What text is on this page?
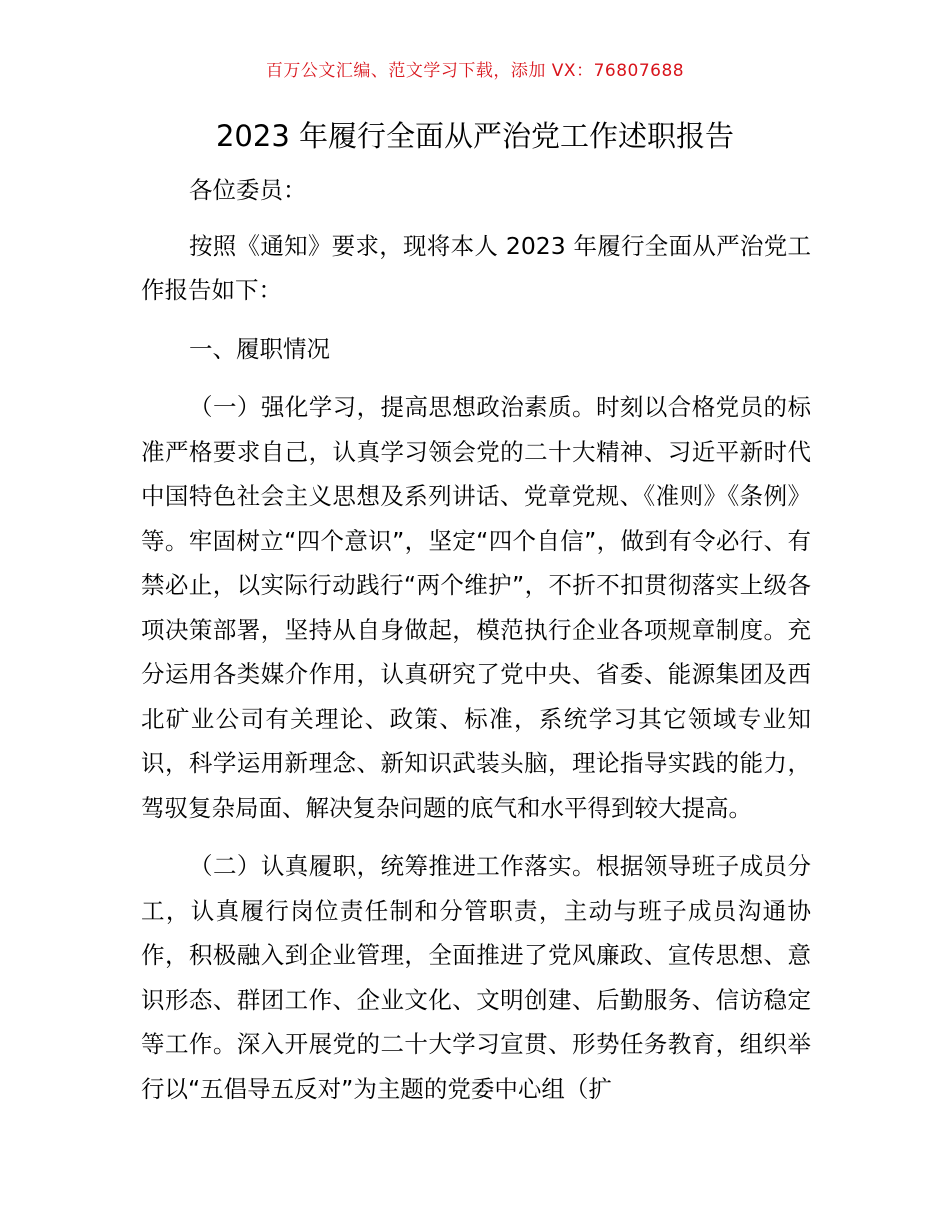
百万公文汇编、范文学习下载，添加 VX：76807688
2023 年履行全面从严治党工作述职报告

各位委员：

按照《通知》要求，现将本人 2023 年履行全面从严治党工作报告如下：

一、履职情况

（一）强化学习，提高思想政治素质。时刻以合格党员的标准严格要求自己，认真学习领会党的二十大精神、习近平新时代中国特色社会主义思想及系列讲话、党章党规、《准则》《条例》等。牢固树立“四个意识”，坚定“四个自信”，做到有令必行、有禁必止，以实际行动践行“两个维护”，不折不扣贯彻落实上级各项决策部署，坚持从自身做起，模范执行企业各项规章制度。充分运用各类媒介作用，认真研究了党中央、省委、能源集团及西北矿业公司有关理论、政策、标准，系统学习其它领域专业知识，科学运用新理念、新知识武装头脑，理论指导实践的能力，驾驭复杂局面、解决复杂问题的底气和水平得到较大提高。

（二）认真履职，统筹推进工作落实。根据领导班子成员分工，认真履行岗位责任制和分管职责，主动与班子成员沟通协作，积极融入到企业管理，全面推进了党风廉政、宣传思想、意识形态、群团工作、企业文化、文明创建、后勤服务、信访稳定等工作。深入开展党的二十大学习宣贯、形势任务教育，组织举行以“五倡导五反对”为主题的党委中心组（扩
